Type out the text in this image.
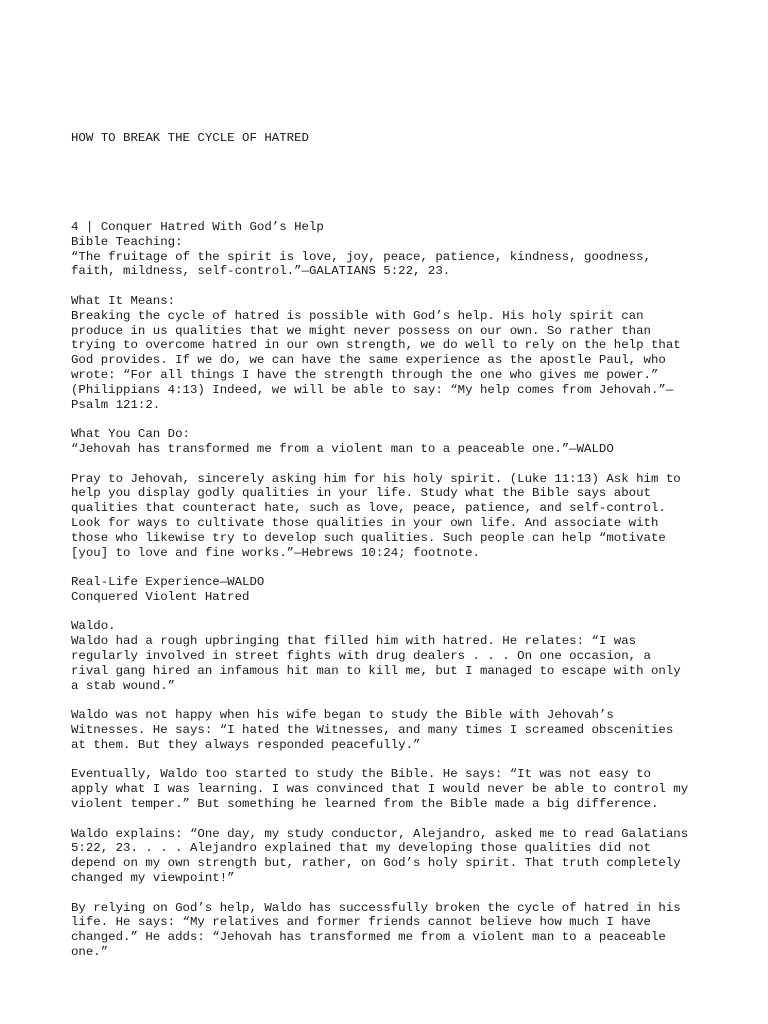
HOW TO BREAK THE CYCLE OF HATRED

4 | Conquer Hatred With God’s Help
Bible Teaching:
“The fruitage of the spirit is love, joy, peace, patience, kindness, goodness,
faith, mildness, self-control.”—GALATIANS 5:22, 23.
What It Means:
Breaking the cycle of hatred is possible with God’s help. His holy spirit can
produce in us qualities that we might never possess on our own. So rather than
trying to overcome hatred in our own strength, we do well to rely on the help that
God provides. If we do, we can have the same experience as the apostle Paul, who
wrote: “For all things I have the strength through the one who gives me power.”
(Philippians 4:13) Indeed, we will be able to say: “My help comes from Jehovah.”—
Psalm 121:2.
What You Can Do:
“Jehovah has transformed me from a violent man to a peaceable one.”—WALDO
Pray to Jehovah, sincerely asking him for his holy spirit. (Luke 11:13) Ask him to
help you display godly qualities in your life. Study what the Bible says about
qualities that counteract hate, such as love, peace, patience, and self-control.
Look for ways to cultivate those qualities in your own life. And associate with
those who likewise try to develop such qualities. Such people can help “motivate
[you] to love and fine works.”—Hebrews 10:24; footnote.
Real-Life Experience—WALDO
Conquered Violent Hatred
Waldo.
Waldo had a rough upbringing that filled him with hatred. He relates: “I was
regularly involved in street fights with drug dealers . . . On one occasion, a
rival gang hired an infamous hit man to kill me, but I managed to escape with only
a stab wound.”
Waldo was not happy when his wife began to study the Bible with Jehovah’s
Witnesses. He says: “I hated the Witnesses, and many times I screamed obscenities
at them. But they always responded peacefully.”
Eventually, Waldo too started to study the Bible. He says: “It was not easy to
apply what I was learning. I was convinced that I would never be able to control my
violent temper.” But something he learned from the Bible made a big difference.
Waldo explains: “One day, my study conductor, Alejandro, asked me to read Galatians
5:22, 23. . . . Alejandro explained that my developing those qualities did not
depend on my own strength but, rather, on God’s holy spirit. That truth completely
changed my viewpoint!”
By relying on God’s help, Waldo has successfully broken the cycle of hatred in his
life. He says: “My relatives and former friends cannot believe how much I have
changed.” He adds: “Jehovah has transformed me from a violent man to a peaceable
one.”
